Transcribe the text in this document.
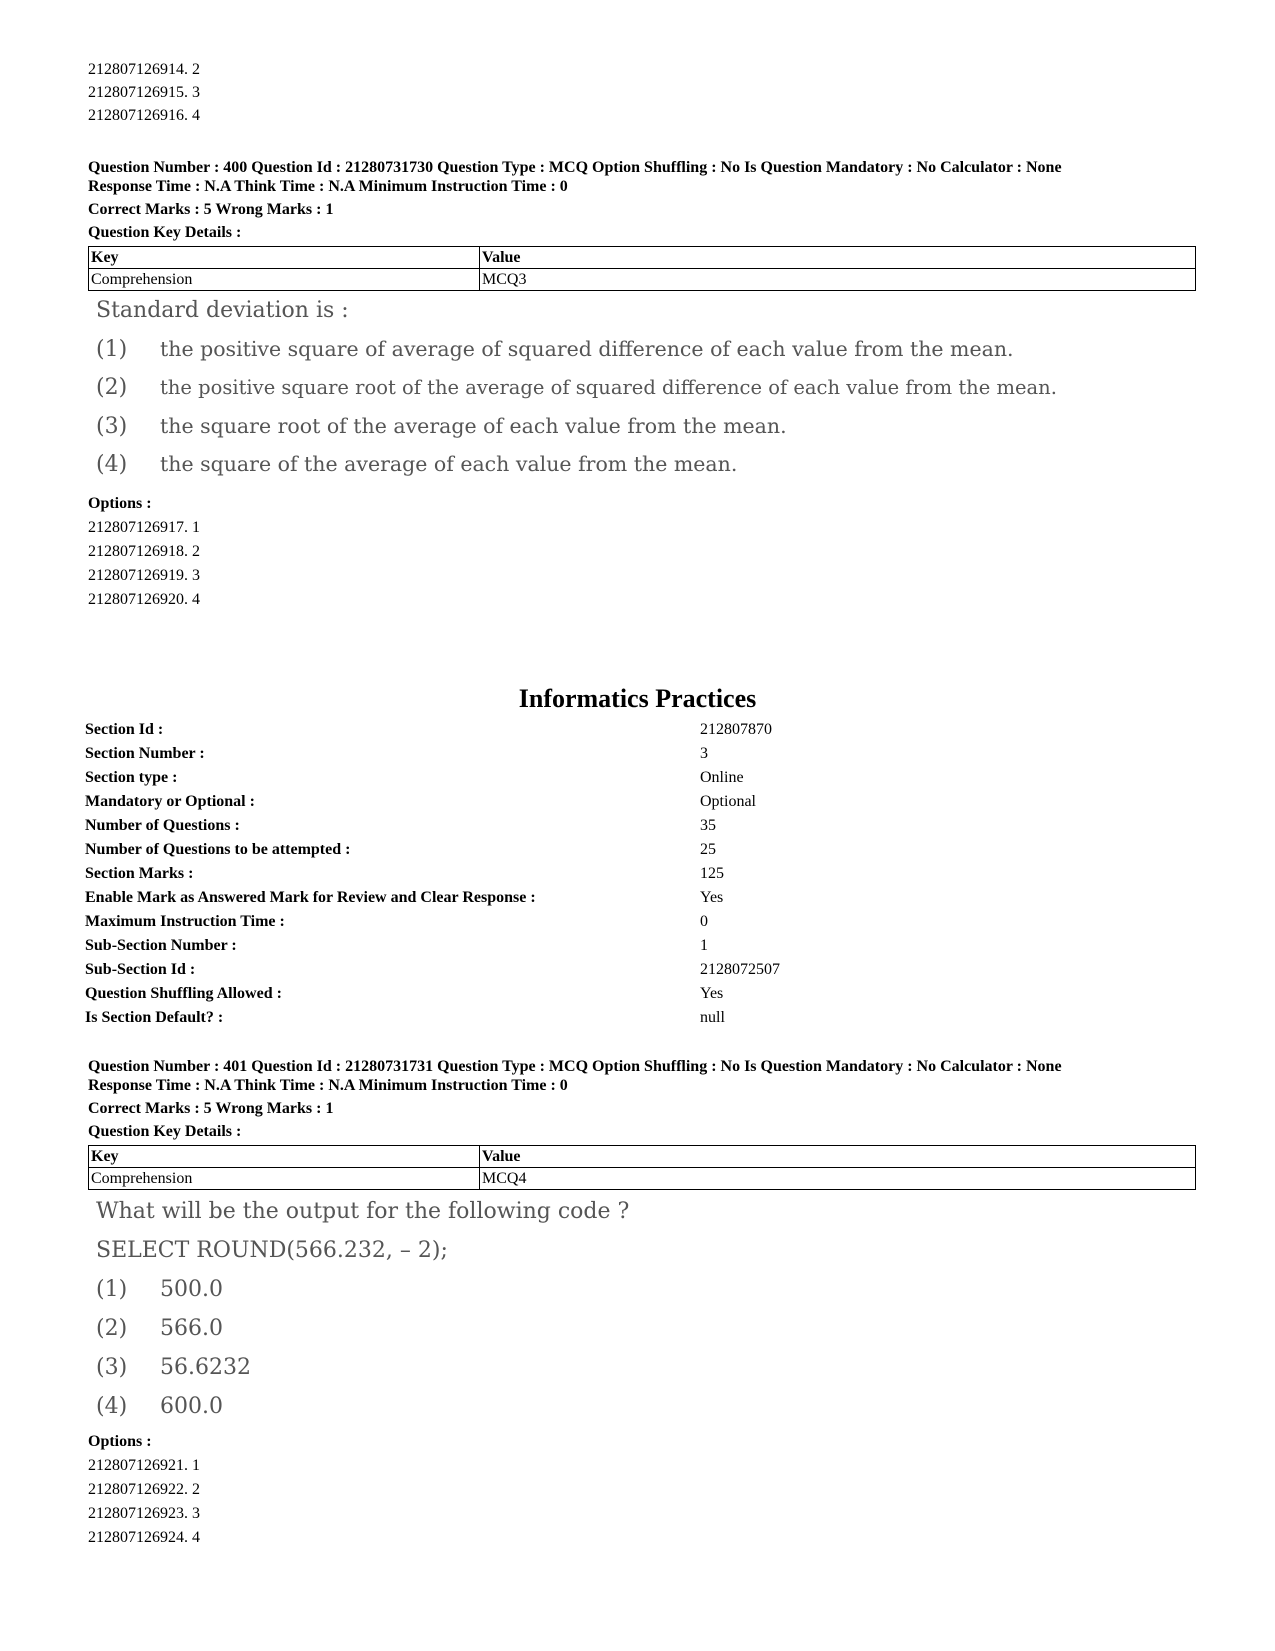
212807126914. 2
212807126915. 3
212807126916. 4
Question Number : 400 Question Id : 21280731730 Question Type : MCQ Option Shuffling : No Is Question Mandatory : No Calculator : None
Response Time : N.A Think Time : N.A Minimum Instruction Time : 0
Correct Marks : 5 Wrong Marks : 1
Question Key Details :
Key	Value
Comprehension	MCQ3
Standard deviation is :
(1) the positive square of average of squared difference of each value from the mean.
(2) the positive square root of the average of squared difference of each value from the mean.
(3) the square root of the average of each value from the mean.
(4) the square of the average of each value from the mean.
Options :
212807126917. 1
212807126918. 2
212807126919. 3
212807126920. 4
Informatics Practices
Section Id :	212807870
Section Number :	3
Section type :	Online
Mandatory or Optional :	Optional
Number of Questions :	35
Number of Questions to be attempted :	25
Section Marks :	125
Enable Mark as Answered Mark for Review and Clear Response :	Yes
Maximum Instruction Time :	0
Sub-Section Number :	1
Sub-Section Id :	2128072507
Question Shuffling Allowed :	Yes
Is Section Default? :	null
Question Number : 401 Question Id : 21280731731 Question Type : MCQ Option Shuffling : No Is Question Mandatory : No Calculator : None
Response Time : N.A Think Time : N.A Minimum Instruction Time : 0
Correct Marks : 5 Wrong Marks : 1
Question Key Details :
Key	Value
Comprehension	MCQ4
What will be the output for the following code ?
SELECT ROUND(566.232, – 2);
(1) 500.0
(2) 566.0
(3) 56.6232
(4) 600.0
Options :
212807126921. 1
212807126922. 2
212807126923. 3
212807126924. 4
